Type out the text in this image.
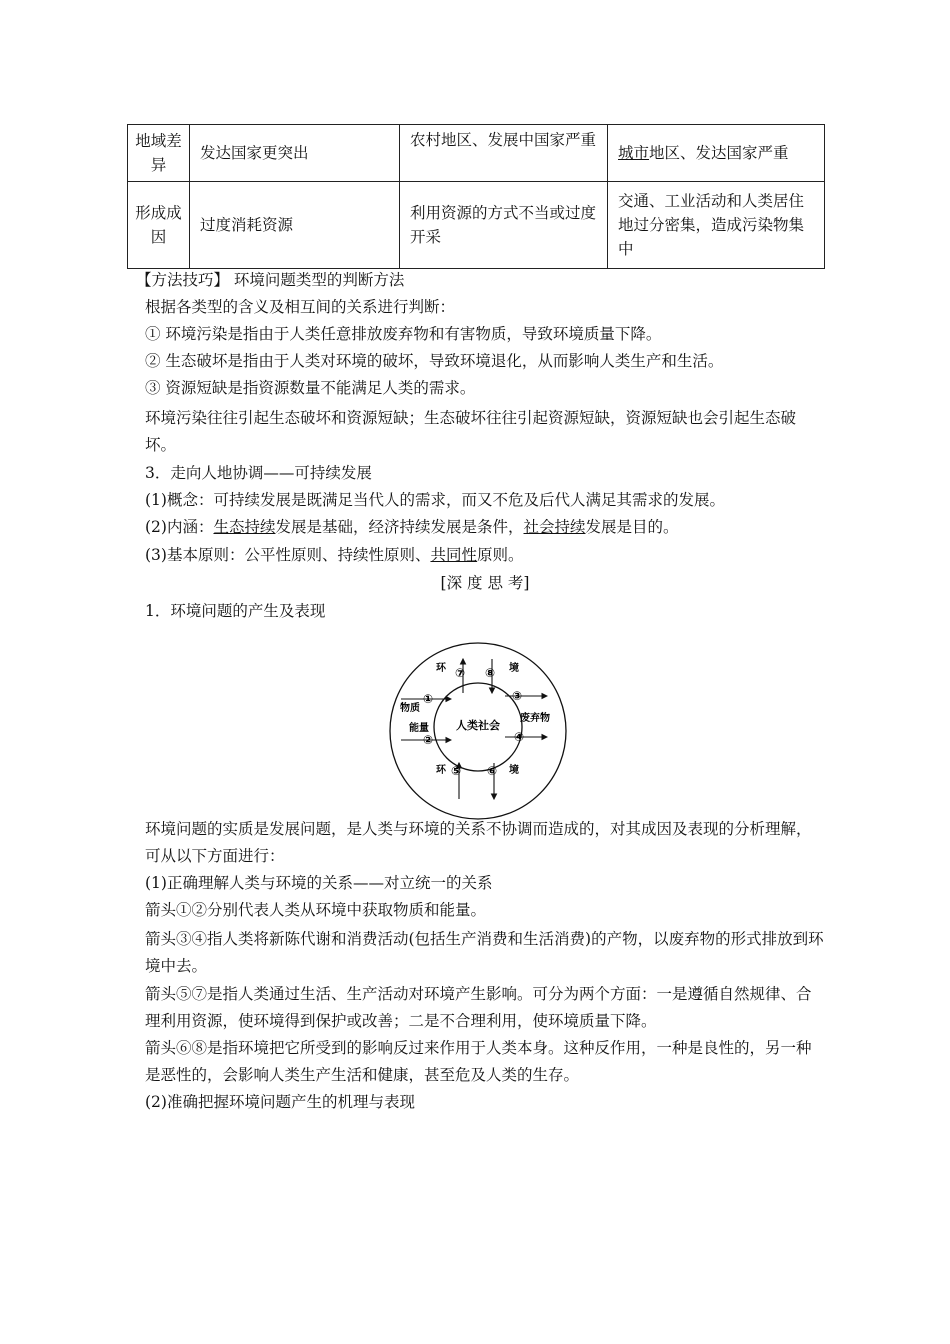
地域差异	发达国家更突出	农村地区、发展中国家严重	城市地区、发达国家严重
形成成因	过度消耗资源	利用资源的方式不当或过度开采	交通、工业活动和人类居住地过分密集，造成污染物集中
【方法技巧】 环境问题类型的判断方法
根据各类型的含义及相互间的关系进行判断：
① 环境污染是指由于人类任意排放废弃物和有害物质，导致环境质量下降。
② 生态破坏是指由于人类对环境的破坏，导致环境退化，从而影响人类生产和生活。
③ 资源短缺是指资源数量不能满足人类的需求。
环境污染往往引起生态破坏和资源短缺；生态破坏往往引起资源短缺，资源短缺也会引起生态破坏。
3．走向人地协调——可持续发展
(1)概念：可持续发展是既满足当代人的需求，而又不危及后代人满足其需求的发展。
(2)内涵：生态持续发展是基础，经济持续发展是条件，社会持续发展是目的。
(3)基本原则：公平性原则、持续性原则、共同性原则。
[深 度 思 考]
1．环境问题的产生及表现
人类社会
环	境
环	境
物质
能量
废弃物
①
②
③
④
⑦ ⑧
⑤ ⑥
环境问题的实质是发展问题，是人类与环境的关系不协调而造成的，对其成因及表现的分析理解，可从以下方面进行：
(1)正确理解人类与环境的关系——对立统一的关系
箭头①②分别代表人类从环境中获取物质和能量。
箭头③④指人类将新陈代谢和消费活动(包括生产消费和生活消费)的产物，以废弃物的形式排放到环境中去。
箭头⑤⑦是指人类通过生活、生产活动对环境产生影响。可分为两个方面：一是遵循自然规律、合理利用资源，使环境得到保护或改善；二是不合理利用，使环境质量下降。
箭头⑥⑧是指环境把它所受到的影响反过来作用于人类本身。这种反作用，一种是良性的，另一种是恶性的，会影响人类生产生活和健康，甚至危及人类的生存。
(2)准确把握环境问题产生的机理与表现
